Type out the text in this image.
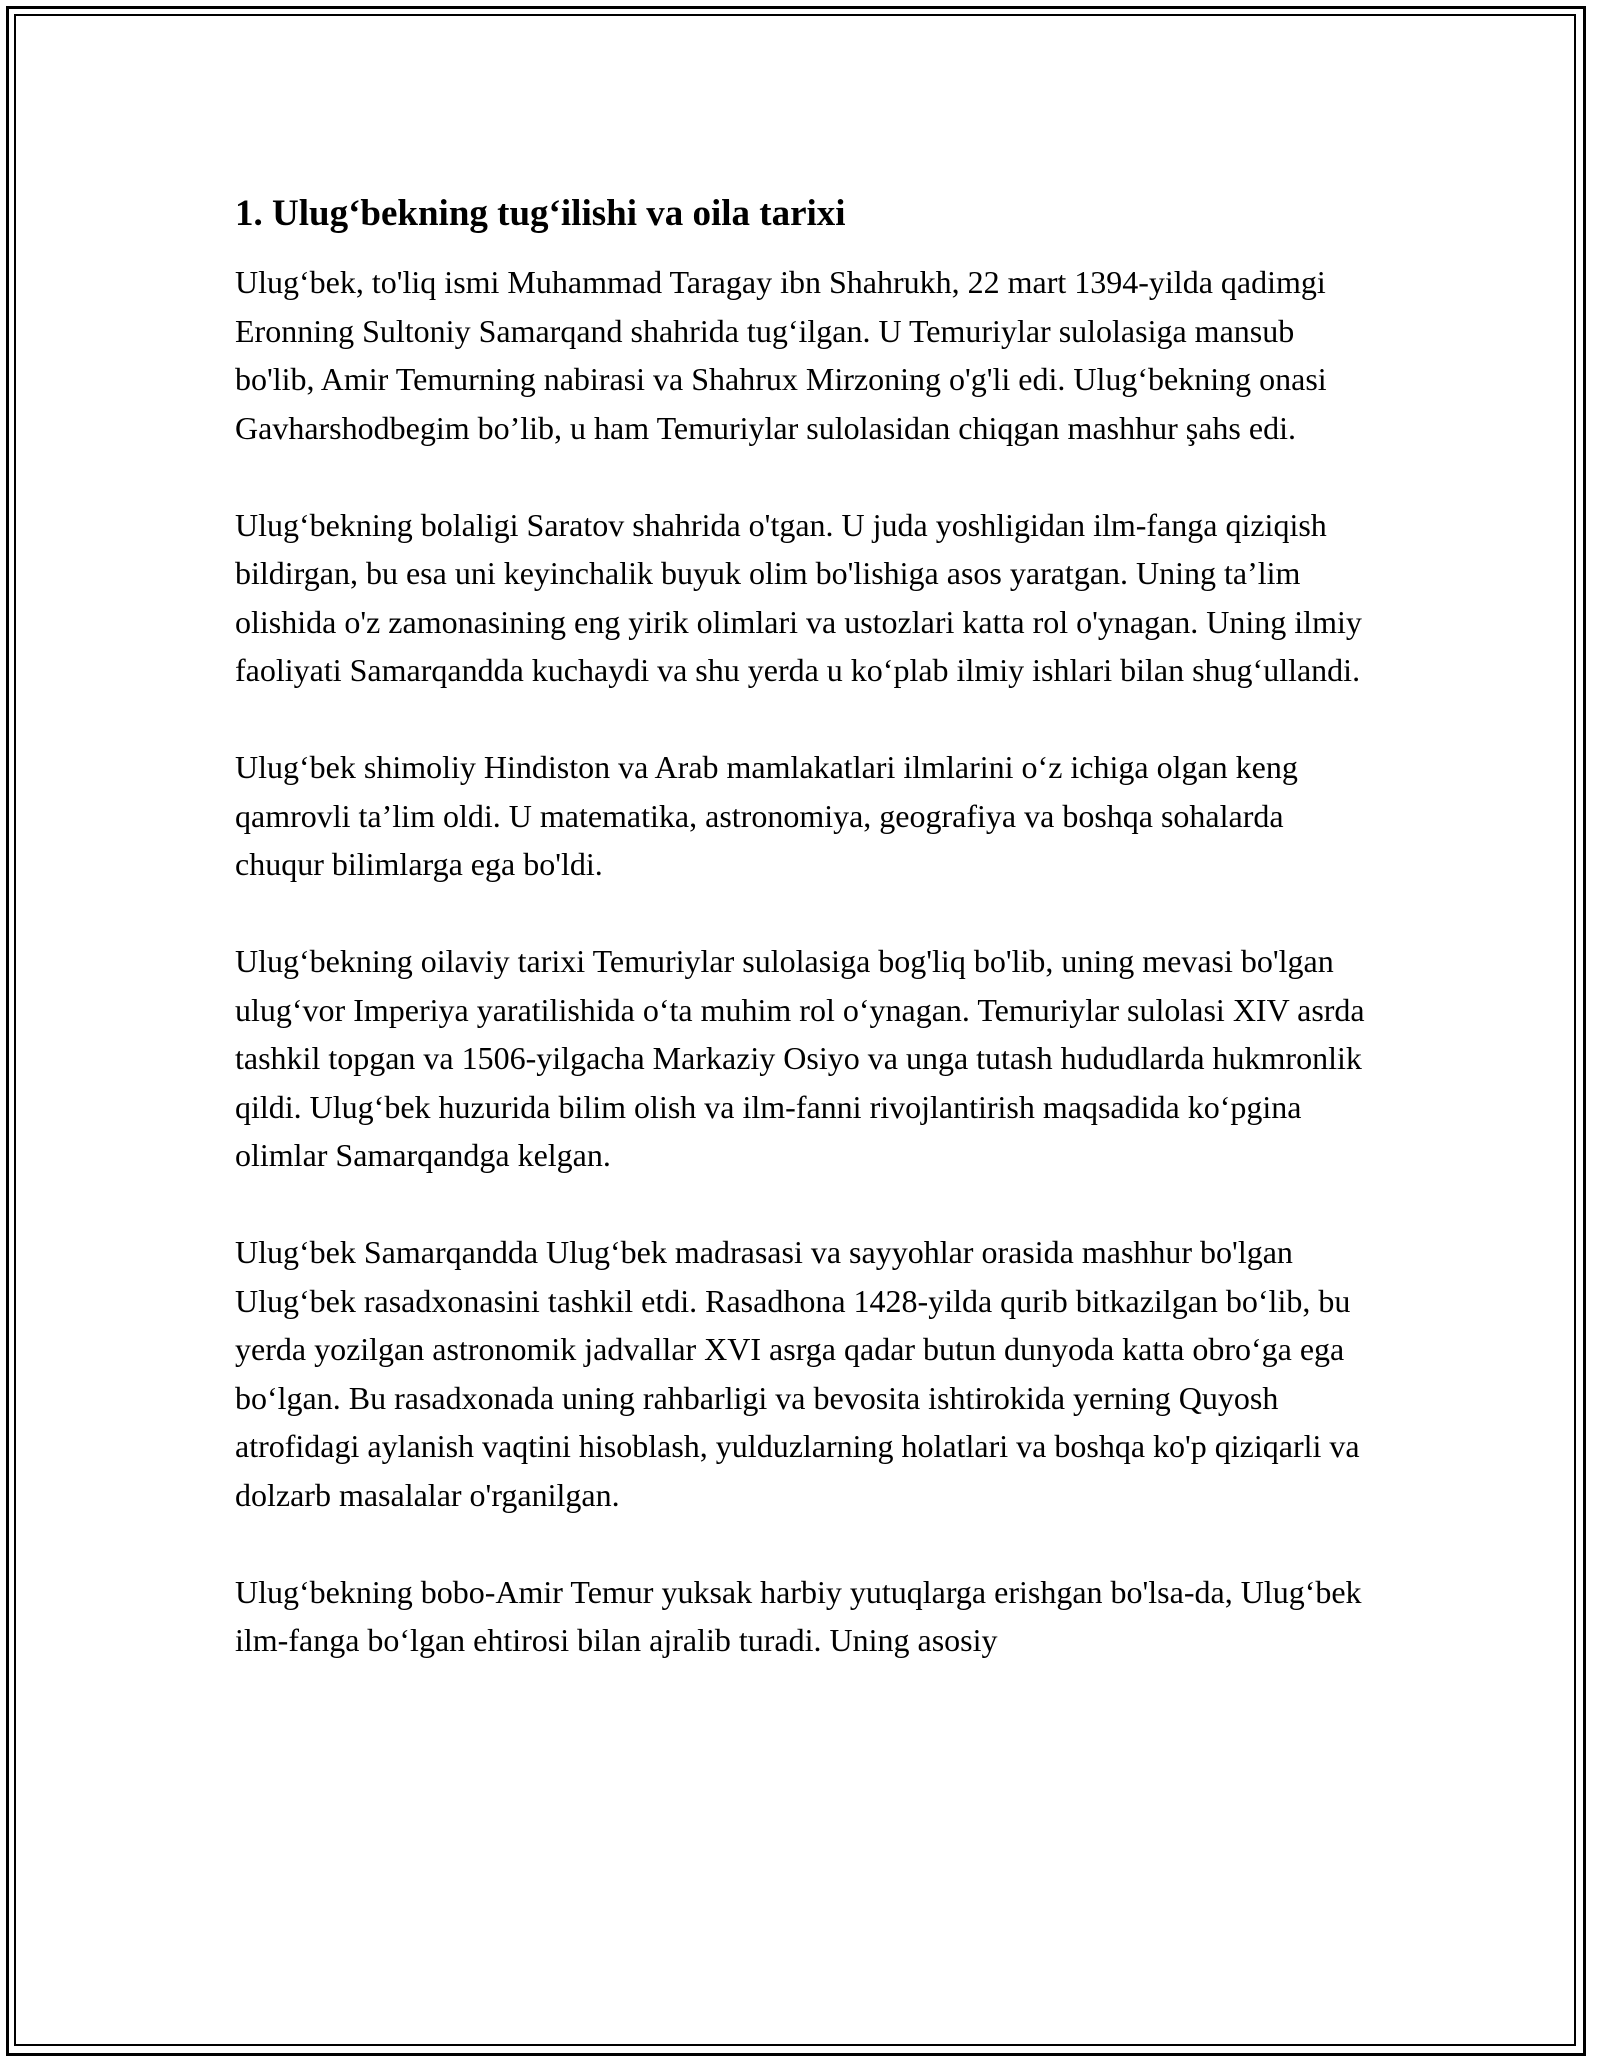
1. Ulug‘bekning tug‘ilishi va oila tarixi

Ulug‘bek, to'liq ismi Muhammad Taragay ibn Shahrukh, 22 mart 1394-yilda qadimgi Eronning Sultoniy Samarqand shahrida tug‘ilgan. U Temuriylar sulolasiga mansub bo'lib, Amir Temurning nabirasi va Shahrux Mirzoning o'g'li edi. Ulug‘bekning onasi Gavharshodbegim bo’lib, u ham Temuriylar sulolasidan chiqgan mashhur şahs edi.

Ulug‘bekning bolaligi Saratov shahrida o'tgan. U juda yoshligidan ilm-fanga qiziqish bildirgan, bu esa uni keyinchalik buyuk olim bo'lishiga asos yaratgan. Uning ta’lim olishida o'z zamonasining eng yirik olimlari va ustozlari katta rol o'ynagan. Uning ilmiy faoliyati Samarqandda kuchaydi va shu yerda u ko‘plab ilmiy ishlari bilan shug‘ullandi.

Ulug‘bek shimoliy Hindiston va Arab mamlakatlari ilmlarini o‘z ichiga olgan keng qamrovli ta’lim oldi. U matematika, astronomiya, geografiya va boshqa sohalarda chuqur bilimlarga ega bo'ldi.

Ulug‘bekning oilaviy tarixi Temuriylar sulolasiga bog'liq bo'lib, uning mevasi bo'lgan ulug‘vor Imperiya yaratilishida o‘ta muhim rol o‘ynagan. Temuriylar sulolasi XIV asrda tashkil topgan va 1506-yilgacha Markaziy Osiyo va unga tutash hududlarda hukmronlik qildi. Ulug‘bek huzurida bilim olish va ilm-fanni rivojlantirish maqsadida ko‘pgina olimlar Samarqandga kelgan.

Ulug‘bek Samarqandda Ulug‘bek madrasasi va sayyohlar orasida mashhur bo'lgan Ulug‘bek rasadxonasini tashkil etdi. Rasadhona 1428-yilda qurib bitkazilgan bo‘lib, bu yerda yozilgan astronomik jadvallar XVI asrga qadar butun dunyoda katta obro‘ga ega bo‘lgan. Bu rasadxonada uning rahbarligi va bevosita ishtirokida yerning Quyosh atrofidagi aylanish vaqtini hisoblash, yulduzlarning holatlari va boshqa ko'p qiziqarli va dolzarb masalalar o'rganilgan.

Ulug‘bekning bobo-Amir Temur yuksak harbiy yutuqlarga erishgan bo'lsa-da, Ulug‘bek ilm-fanga bo‘lgan ehtirosi bilan ajralib turadi. Uning asosiy
